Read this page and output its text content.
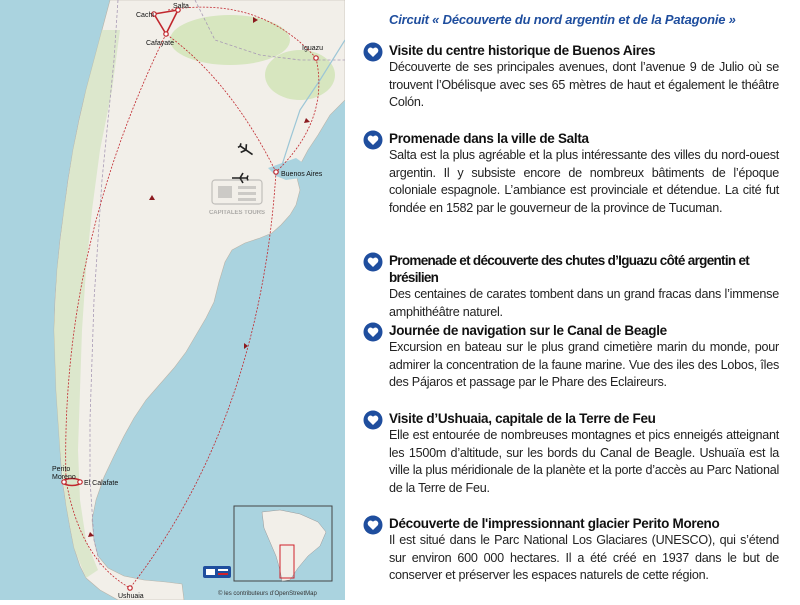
CAPITALES TOURS
Salta
Cachi
Cafayate
Iguazu
Buenos Aires
Perito Moreno
El Calafate
Ushuaia	© les contributeurs d’OpenStreetMap
Circuit « Découverte du nord argentin et de la Patagonie »
Visite du centre historique de Buenos Aires
Découverte de ses principales avenues, dont l’avenue 9 de Julio où se trouvent l’Obélisque avec ses 65 mètres de haut et également le théâtre Colón.
Promenade dans la ville de Salta
Salta est la plus agréable et la plus intéressante des villes du nord-ouest argentin. Il y subsiste encore de nombreux bâtiments de l’époque coloniale espagnole. L’ambiance est provinciale et détendue. La cité fut fondée en 1582 par le gouverneur de la province de Tucuman.
Promenade et découverte des chutes d’Iguazu côté argentin et brésilien
Des centaines de carates tombent dans un grand fracas dans l’immense amphithéâtre naturel.
Journée de navigation sur le Canal de Beagle
Excursion en bateau sur le plus grand cimetière marin du monde, pour admirer la concentration de la faune marine. Vue des iles des Lobos, îles des Pájaros et passage par le Phare des Eclaireurs.
Visite d’Ushuaia, capitale de la Terre de Feu
Elle est entourée de nombreuses montagnes et pics enneigés atteignant les 1500m d’altitude, sur les bords du Canal de Beagle. Ushuaïa est la ville la plus méridionale de la planète et la porte d’accès au Parc National de la Terre de Feu.
Découverte de l'impressionnant glacier Perito Moreno
Il est situé dans le Parc National Los Glaciares (UNESCO), qui s’étend sur environ 600 000 hectares. Il a été créé en 1937 dans le but de conserver et préserver les espaces naturels de cette région.
